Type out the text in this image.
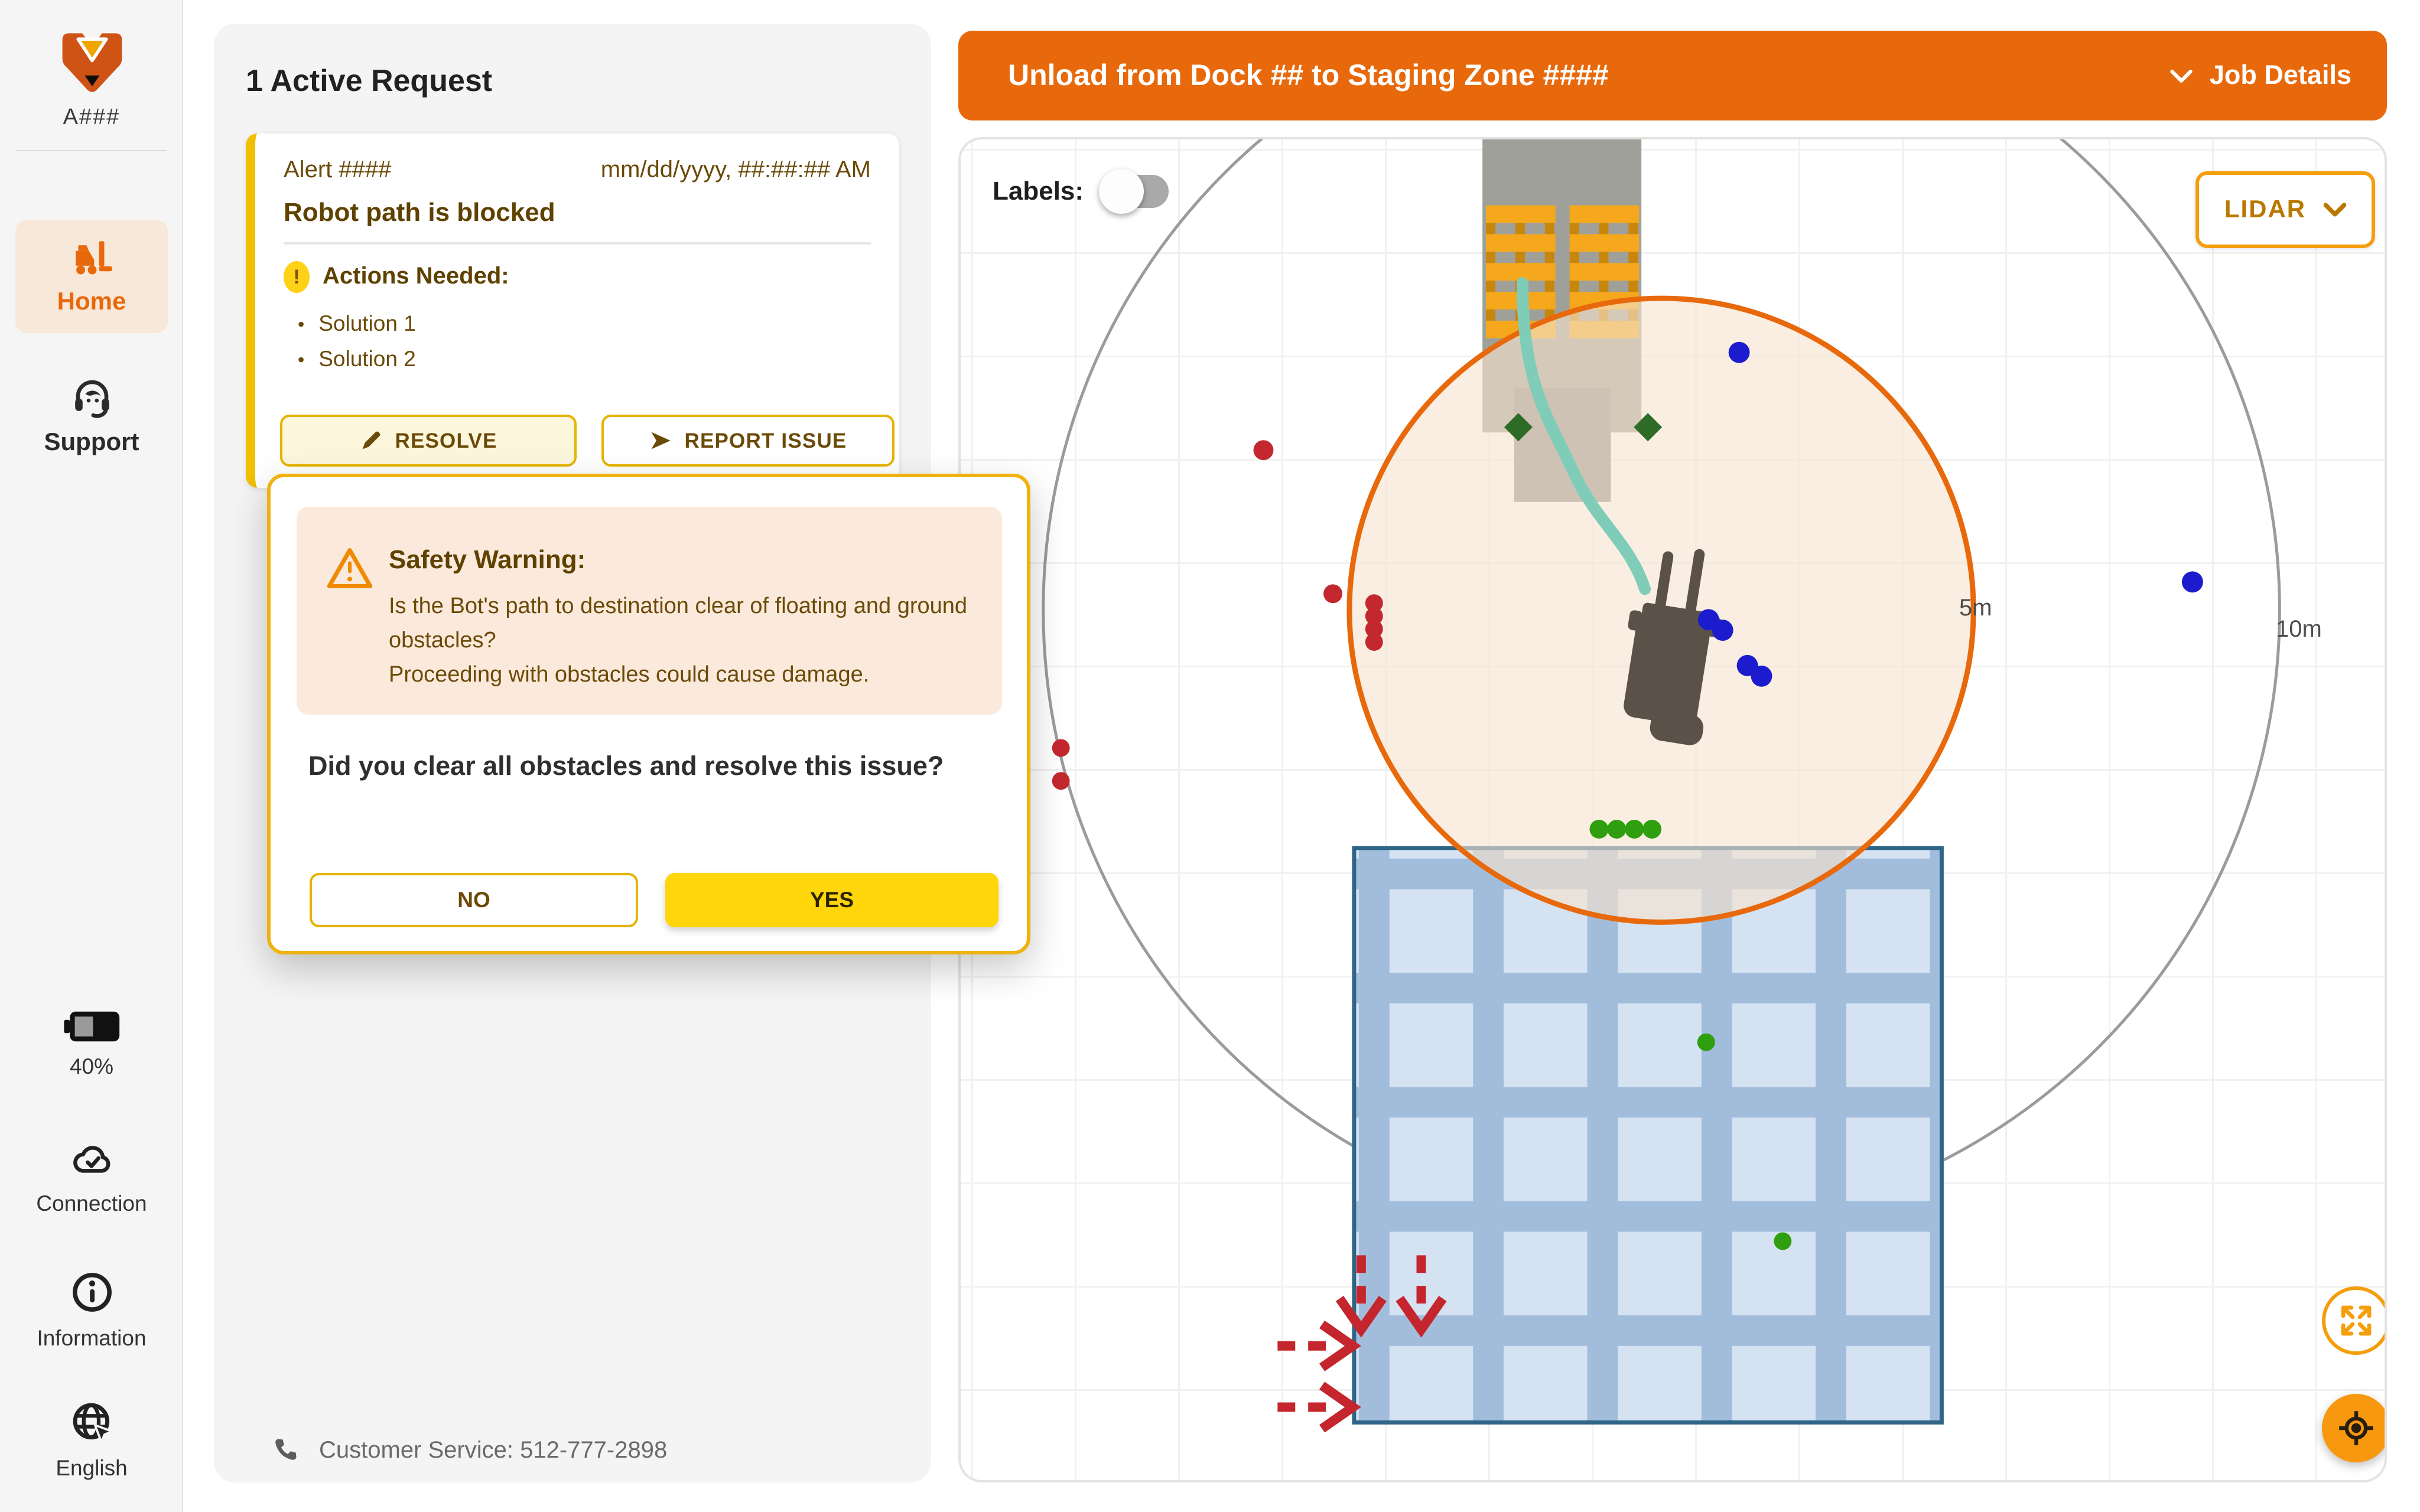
A###
Home
Support
40%
Connection
Information
English
1 Active Request
Alert ####	mm/dd/yyyy, ##:##:## AM
Robot path is blocked
!	Actions Needed:
• Solution 1
• Solution 2
RESOLVE	REPORT ISSUE
Customer Service: 512-777-2898
Safety Warning:
Is the Bot's path to destination clear of floating and ground obstacles?
Proceeding with obstacles could cause damage.
Did you clear all obstacles and resolve this issue?
NO	YES
Unload from Dock ## to Staging Zone ####	Job Details
Labels:
LIDAR
5m
10m
